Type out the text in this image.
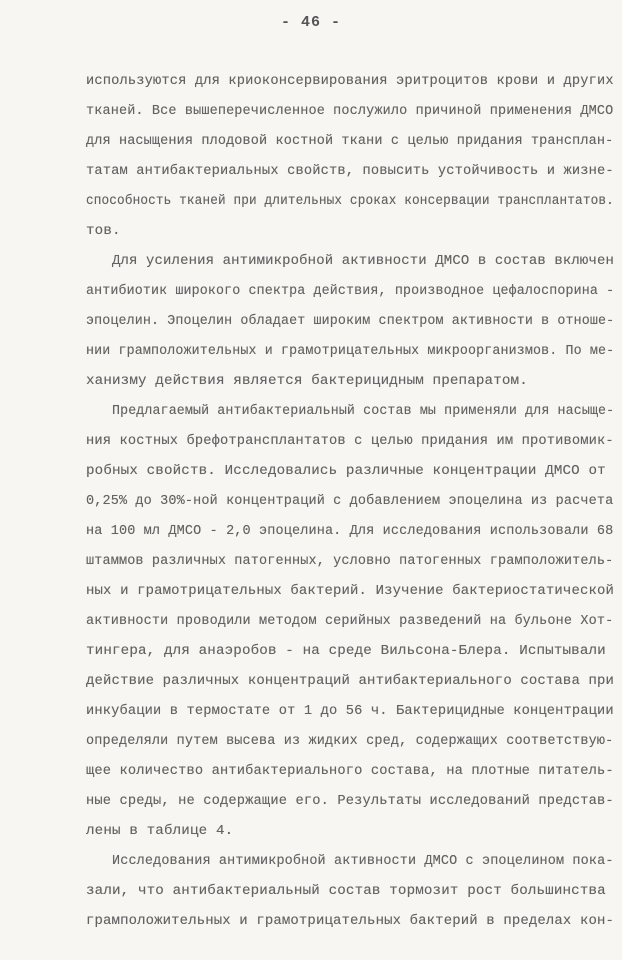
- 46 -
используются для криоконсервирования эритроцитов крови и других
тканей. Все вышеперечисленное послужило причиной применения ДМСО
для насыщения плодовой костной ткани с целью придания трансплан-
татам антибактериальных свойств, повысить устойчивость и жизне-
способность тканей при длительных сроках консервации трансплантатов.
тов.
Для усиления антимикробной активности ДМСО в состав включен
антибиотик широкого спектра действия, производное цефалоспорина -
эпоцелин. Эпоцелин обладает широким спектром активности в отноше-
нии грамположительных и грамотрицательных микроорганизмов. По ме-
ханизму действия является бактерицидным препаратом.
Предлагаемый антибактериальный состав мы применяли для насыще-
ния костных брефотрансплантатов с целью придания им противомик-
робных свойств. Исследовались различные концентрации ДМСО от
0,25% до 30%-ной концентраций с добавлением эпоцелина из расчета
на 100 мл ДМСО - 2,0 эпоцелина. Для исследования использовали 68
штаммов различных патогенных, условно патогенных грамположитель-
ных и грамотрицательных бактерий. Изучение бактериостатической
активности проводили методом серийных разведений на бульоне Хот-
тингера, для анаэробов - на среде Вильсона-Блера. Испытывали
действие различных концентраций антибактериального состава при
инкубации в термостате от 1 до 56 ч. Бактерицидные концентрации
определяли путем высева из жидких сред, содержащих соответствую-
щее количество антибактериального состава, на плотные питатель-
ные среды, не содержащие его. Результаты исследований представ-
лены в таблице 4.
Исследования антимикробной активности ДМСО с эпоцелином пока-
зали, что антибактериальный состав тормозит рост большинства
грамположительных и грамотрицательных бактерий в пределах кон-
